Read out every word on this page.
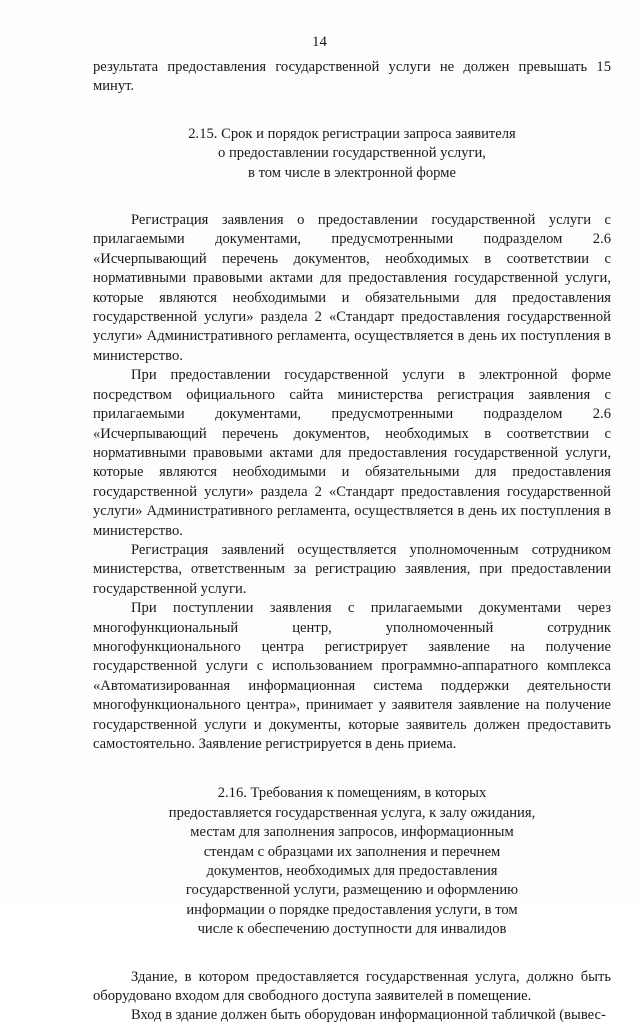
14

результата предоставления государственной услуги не должен превышать 15 минут.

2.15. Срок и порядок регистрации запроса заявителя
о предоставлении государственной услуги,
в том числе в электронной форме

Регистрация заявления о предоставлении государственной услуги с прилагаемыми документами, предусмотренными подразделом 2.6 «Исчерпывающий перечень документов, необходимых в соответствии с нормативными правовыми актами для предоставления государственной услуги, которые являются необходимыми и обязательными для предоставления государственной услуги» раздела 2 «Стандарт предоставления государственной услуги» Административного регламента, осуществляется в день их поступления в министерство.

При предоставлении государственной услуги в электронной форме посредством официального сайта министерства регистрация заявления с прилагаемыми документами, предусмотренными подразделом 2.6 «Исчерпывающий перечень документов, необходимых в соответствии с нормативными правовыми актами для предоставления государственной услуги, которые являются необходимыми и обязательными для предоставления государственной услуги» раздела 2 «Стандарт предоставления государственной услуги» Административного регламента, осуществляется в день их поступления в министерство.

Регистрация заявлений осуществляется уполномоченным сотрудником министерства, ответственным за регистрацию заявления, при предоставлении государственной услуги.

При поступлении заявления с прилагаемыми документами через многофункциональный центр, уполномоченный сотрудник многофункционального центра регистрирует заявление на получение государственной услуги с использованием программно-аппаратного комплекса «Автоматизированная информационная система поддержки деятельности многофункционального центра», принимает у заявителя заявление на получение государственной услуги и документы, которые заявитель должен предоставить самостоятельно. Заявление регистрируется в день приема.

2.16. Требования к помещениям, в которых
предоставляется государственная услуга, к залу ожидания,
местам для заполнения запросов, информационным
стендам с образцами их заполнения и перечнем
документов, необходимых для предоставления
государственной услуги, размещению и оформлению
информации о порядке предоставления услуги, в том
числе к обеспечению доступности для инвалидов

Здание, в котором предоставляется государственная услуга, должно быть оборудовано входом для свободного доступа заявителей в помещение.

Вход в здание должен быть оборудован информационной табличкой (вывес-
